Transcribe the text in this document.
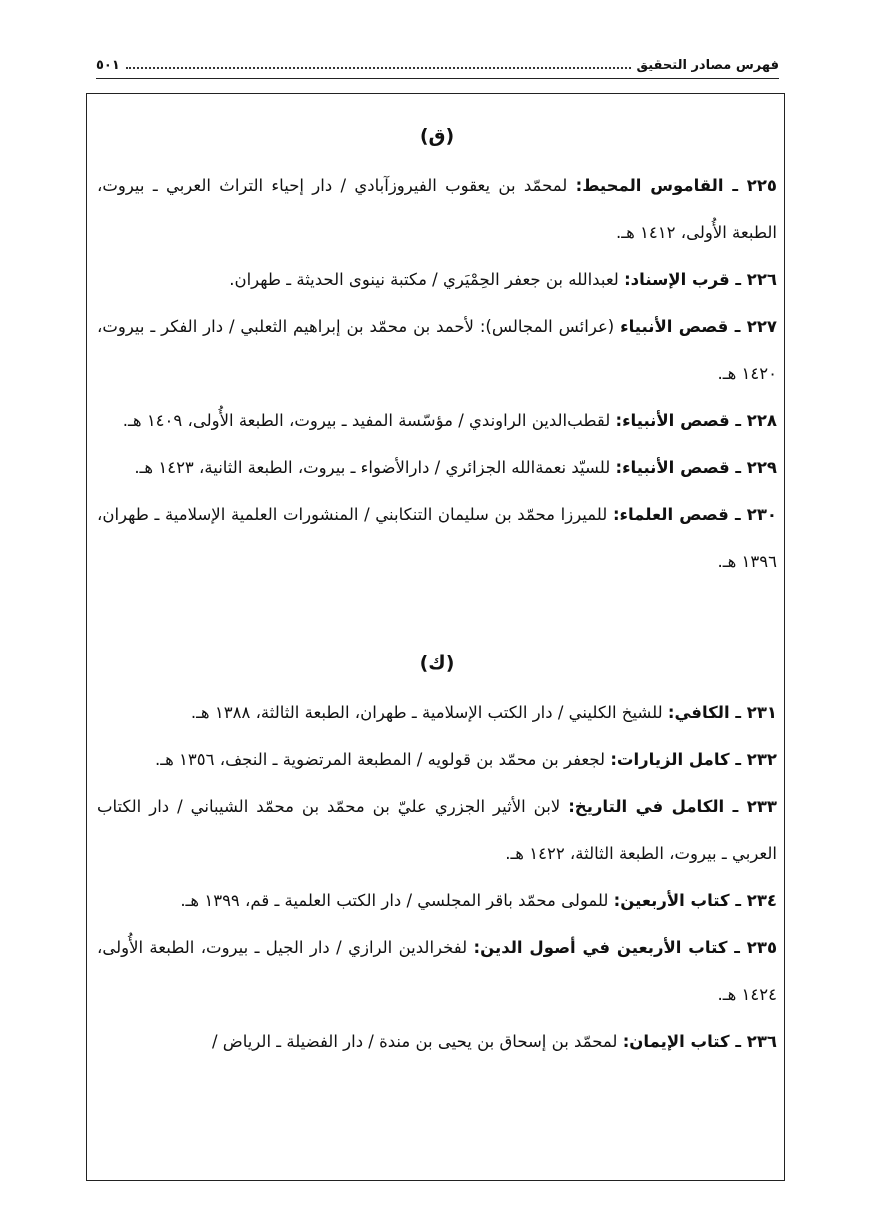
فهرس مصادر التحقيق
٥٠١
(ق)
٢٢٥ ـ القاموس المحيط: لمحمّد بن يعقوب الفيروزآبادي / دار إحياء التراث العربي ـ بيروت، الطبعة الأُولى، ١٤١٢ هـ.
٢٢٦ ـ قرب الإسناد: لعبدالله بن جعفر الحِمْيَري / مكتبة نينوى الحديثة ـ طهران.
٢٢٧ ـ قصص الأنبياء (عرائس المجالس): لأحمد بن محمّد بن إبراهيم الثعلبي / دار الفكر ـ بيروت، ١٤٢٠ هـ.
٢٢٨ ـ قصص الأنبياء: لقطب‌الدين الراوندي / مؤسّسة المفيد ـ بيروت، الطبعة الأُولى، ١٤٠٩ هـ.
٢٢٩ ـ قصص الأنبياء: للسيّد نعمة‌الله الجزائري / دارالأضواء ـ بيروت، الطبعة الثانية، ١٤٢٣ هـ.
٢٣٠ ـ قصص العلماء: للميرزا محمّد بن سليمان التنكابني / المنشورات العلمية الإسلامية ـ طهران، ١٣٩٦ هـ.
(ك)
٢٣١ ـ الكافي: للشيخ الكليني / دار الكتب الإسلامية ـ طهران، الطبعة الثالثة، ١٣٨٨ هـ.
٢٣٢ ـ كامل الزيارات: لجعفر بن محمّد بن قولويه / المطبعة المرتضوية ـ النجف، ١٣٥٦ هـ.
٢٣٣ ـ الكامل في التاريخ: لابن الأثير الجزري عليّ بن محمّد بن محمّد الشيباني / دار الكتاب العربي ـ بيروت، الطبعة الثالثة، ١٤٢٢ هـ.
٢٣٤ ـ كتاب الأربعين: للمولى محمّد باقر المجلسي / دار الكتب العلمية ـ قم، ١٣٩٩ هـ.
٢٣٥ ـ كتاب الأربعين في أصول الدين: لفخرالدين الرازي / دار الجيل ـ بيروت، الطبعة الأُولى، ١٤٢٤ هـ.
٢٣٦ ـ كتاب الإيمان: لمحمّد بن إسحاق بن يحيى بن مندة / دار الفضيلة ـ الرياض /
